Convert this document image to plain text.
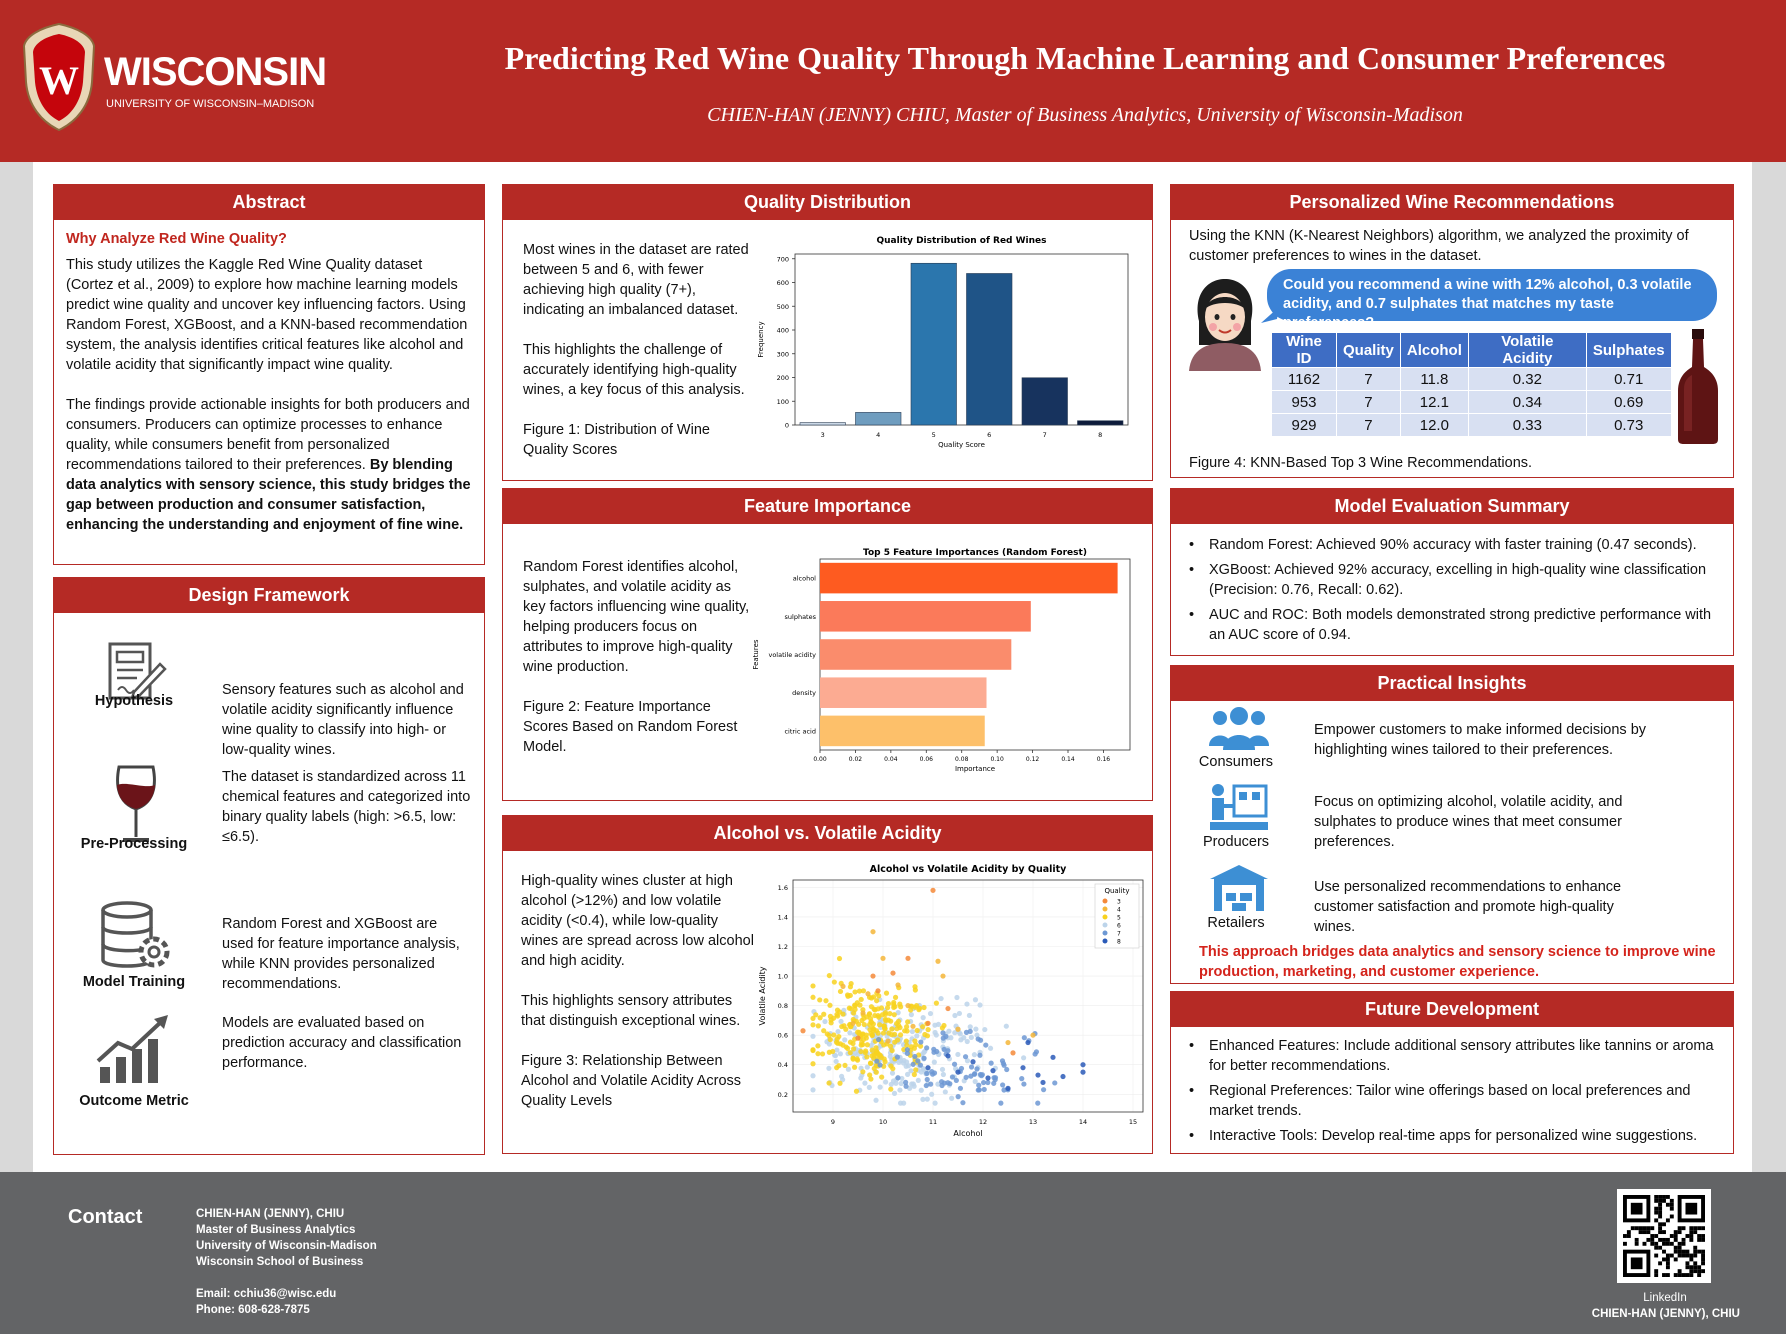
W WISCONSIN
UNIVERSITY OF WISCONSIN–MADISON
Predicting Red Wine Quality Through Machine Learning and Consumer Preferences
CHIEN-HAN (JENNY) CHIU, Master of Business Analytics, University of Wisconsin-Madison
Abstract
Why Analyze Red Wine Quality?
This study utilizes the Kaggle Red Wine Quality dataset (Cortez et al., 2009) to explore how machine learning models predict wine quality and uncover key influencing factors. Using Random Forest, XGBoost, and a KNN-based recommendation system, the analysis identifies critical features like alcohol and volatile acidity that significantly impact wine quality.
The findings provide actionable insights for both producers and consumers. Producers can optimize processes to enhance quality, while consumers benefit from personalized recommendations tailored to their preferences. By blending data analytics with sensory science, this study bridges the gap between production and consumer satisfaction, enhancing the understanding and enjoyment of fine wine.
Design Framework
Hypothesis
Sensory features such as alcohol and volatile acidity significantly influence wine quality to classify into high- or low-quality wines.
Pre-Processing
The dataset is standardized across 11 chemical features and categorized into binary quality labels (high: >6.5, low: ≤6.5).
Model Training
Random Forest and XGBoost are used for feature importance analysis, while KNN provides personalized recommendations.
Outcome Metric
Models are evaluated based on prediction accuracy and classification performance.
Quality Distribution
Most wines in the dataset are rated between 5 and 6, with fewer achieving high quality (7+), indicating an imbalanced dataset.
This highlights the challenge of accurately identifying high-quality wines, a key focus of this analysis.
Figure 1: Distribution of Wine Quality Scores
Quality Distribution of Red Wines
0
100
200
300
400
500
600
700
3	4	5	6	7	8
Quality Score
Frequency
Feature Importance
Random Forest identifies alcohol, sulphates, and volatile acidity as key factors influencing wine quality, helping producers focus on attributes to improve high-quality wine production.
Figure 2: Feature Importance Scores Based on Random Forest Model.
Top 5 Feature Importances (Random Forest)
0.00	0.02	0.04	0.06	0.08	0.10	0.12	0.14	0.16
alcohol
sulphates
volatile acidity
density
citric acid
Importance
Features
Alcohol vs. Volatile Acidity
High-quality wines cluster at high alcohol (>12%) and low volatile acidity (<0.4), while low-quality wines are spread across low alcohol and high acidity.
This highlights sensory attributes that distinguish exceptional wines.
Figure 3: Relationship Between Alcohol and Volatile Acidity Across Quality Levels
Alcohol vs Volatile Acidity by Quality
9	10	11	12	13	14	15
0.2
0.4
0.6
0.8
1.0
1.2
1.4
1.6	Quality
3
4
5
6
7
8
Alcohol
Volatile Acidity
Personalized Wine Recommendations
Using the KNN (K-Nearest Neighbors) algorithm, we analyzed the proximity of customer preferences to wines in the dataset.
Could you recommend a wine with 12% alcohol, 0.3 volatile acidity, and 0.7 sulphates that matches my taste preferences?
Wine ID	Quality	Alcohol	Volatile Acidity	Sulphates
1162	7	11.8	0.32	0.71
953	7	12.1	0.34	0.69
929	7	12.0	0.33	0.73
Figure 4: KNN-Based Top 3 Wine Recommendations.
Model Evaluation Summary
• Random Forest: Achieved 90% accuracy with faster training (0.47 seconds).
• XGBoost: Achieved 92% accuracy, excelling in high-quality wine classification (Precision: 0.76, Recall: 0.62).
• AUC and ROC: Both models demonstrated strong predictive performance with an AUC score of 0.94.
Practical Insights
Consumers
Empower customers to make informed decisions by highlighting wines tailored to their preferences.
Producers
Focus on optimizing alcohol, volatile acidity, and sulphates to produce wines that meet consumer preferences.
Retailers
Use personalized recommendations to enhance customer satisfaction and promote high-quality wines.
This approach bridges data analytics and sensory science to improve wine production, marketing, and customer experience.
Future Development
• Enhanced Features: Include additional sensory attributes like tannins or aroma for better recommendations.
• Regional Preferences: Tailor wine offerings based on local preferences and market trends.
• Interactive Tools: Develop real-time apps for personalized wine suggestions.
Contact	CHIEN-HAN (JENNY), CHIU
Master of Business Analytics
University of Wisconsin-Madison
Wisconsin School of Business
Email: cchiu36@wisc.edu
Phone: 608-628-7875
LinkedIn
CHIEN-HAN (JENNY), CHIU
